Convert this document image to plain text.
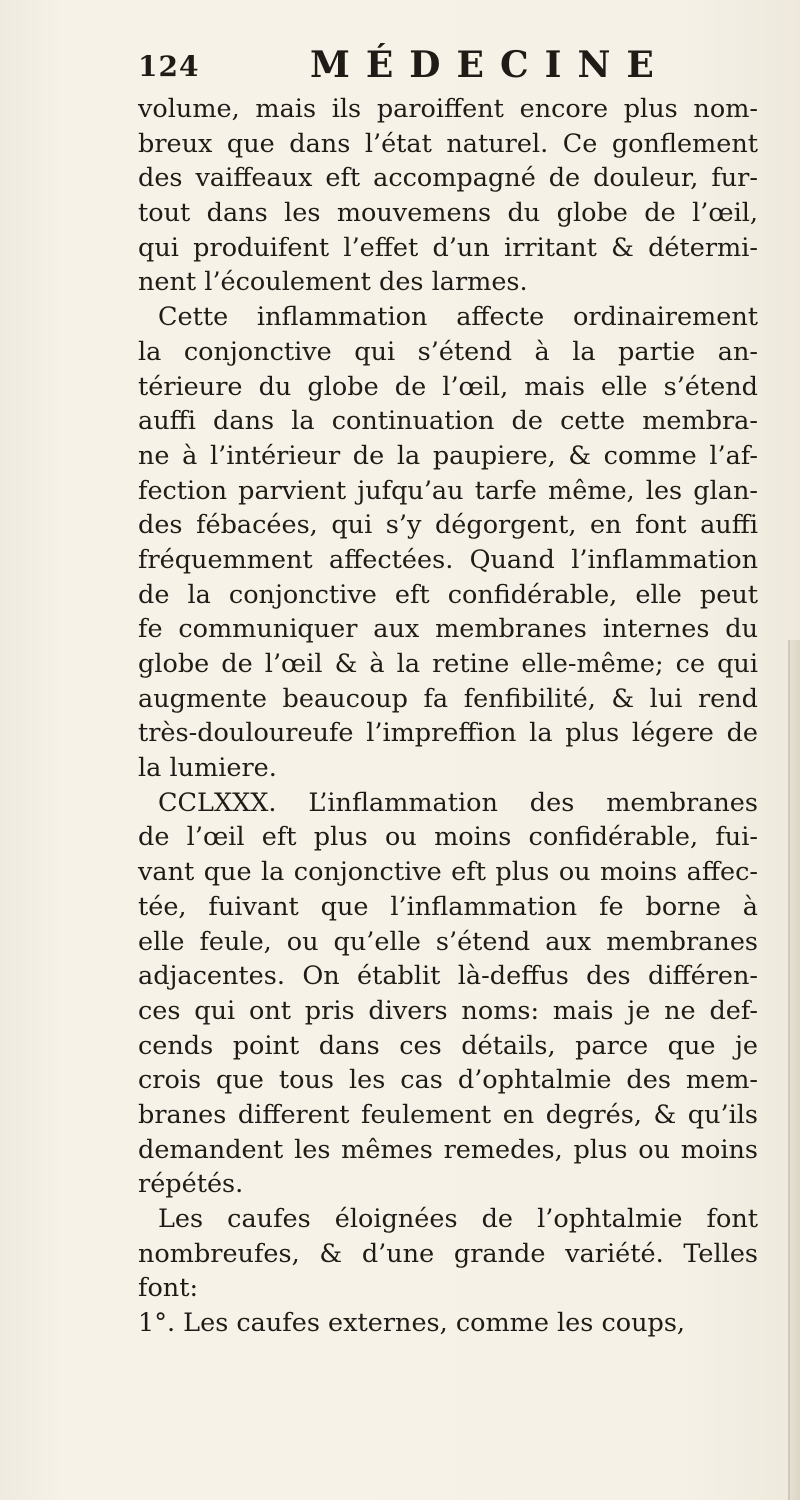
124	MÉDECINE
volume, mais ils paroiffent encore plus nom-
breux que dans l’état naturel. Ce gonflement
des vaiffeaux eft accompagné de douleur, fur-
tout dans les mouvemens du globe de l’œil,
qui produifent l’effet d’un irritant & détermi-
nent l’écoulement des larmes.
Cette inflammation affecte ordinairement
la conjonctive qui s’étend à la partie an-
térieure du globe de l’œil, mais elle s’étend
auffi dans la continuation de cette membra-
ne à l’intérieur de la paupiere, & comme l’af-
fection parvient jufqu’au tarfe même, les glan-
des fébacées, qui s’y dégorgent, en font auffi
fréquemment affectées. Quand l’inflammation
de la conjonctive eft confidérable, elle peut
fe communiquer aux membranes internes du
globe de l’œil & à la retine elle-même; ce qui
augmente beaucoup fa fenfibilité, & lui rend
très-douloureufe l’impreffion la plus légere de
la lumiere.
CCLXXX. L’inflammation des membranes
de l’œil eft plus ou moins confidérable, fui-
vant que la conjonctive eft plus ou moins affec-
tée, fuivant que l’inflammation fe borne à
elle feule, ou qu’elle s’étend aux membranes
adjacentes. On établit là-deffus des différen-
ces qui ont pris divers noms: mais je ne def-
cends point dans ces détails, parce que je
crois que tous les cas d’ophtalmie des mem-
branes different feulement en degrés, & qu’ils
demandent les mêmes remedes, plus ou moins
répétés.
Les caufes éloignées de l’ophtalmie font
nombreufes, & d’une grande variété. Telles
font:
1°. Les caufes externes, comme les coups,
